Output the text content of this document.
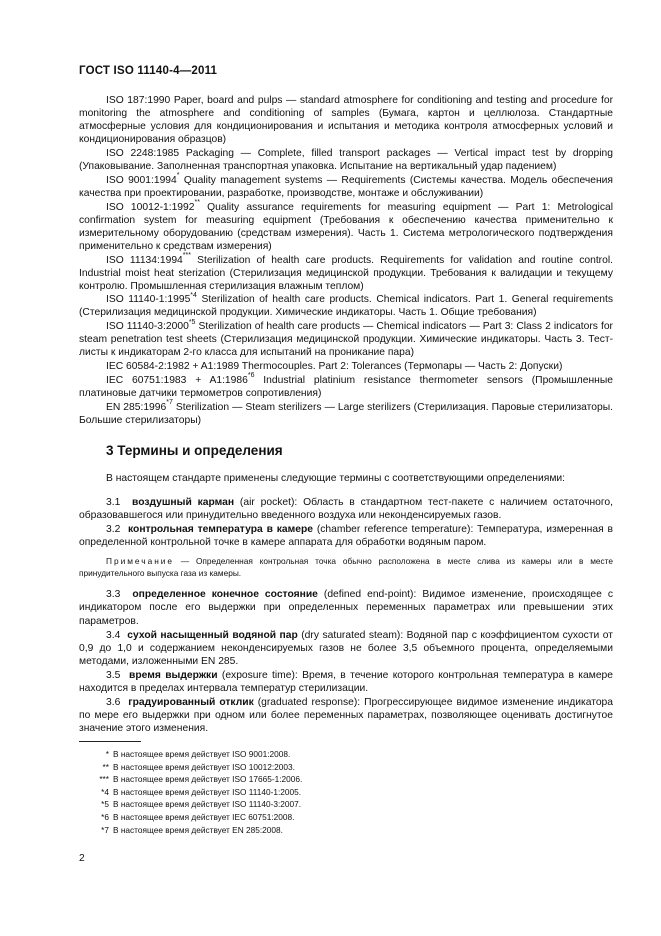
ГОСТ ISO 11140-4—2011

ISO 187:1990 Paper, board and pulps — standard atmosphere for conditioning and testing and procedure for monitoring the atmosphere and conditioning of samples (Бумага, картон и целлюлоза. Стандартные атмосферные условия для кондиционирования и испытания и методика контроля атмосферных условий и кондиционирования образцов)

ISO 2248:1985 Packaging — Complete, filled transport packages — Vertical impact test by dropping (Упаковывание. Заполненная транспортная упаковка. Испытание на вертикальный удар падением)

ISO 9001:1994* Quality management systems — Requirements (Системы качества. Модель обеспечения качества при проектировании, разработке, производстве, монтаже и обслуживании)

ISO 10012-1:1992** Quality assurance requirements for measuring equipment — Part 1: Metrological confirmation system for measuring equipment (Требования к обеспечению качества применительно к измерительному оборудованию (средствам измерения). Часть 1. Система метрологического подтверждения применительно к средствам измерения)

ISO 11134:1994*** Sterilization of health care products. Requirements for validation and routine control. Industrial moist heat sterization (Стерилизация медицинской продукции. Требования к валидации и текущему контролю. Промышленная стерилизация влажным теплом)

ISO 11140-1:1995$^{*4}$ Sterilization of health care products. Chemical indicators. Part 1. General requirements (Стерилизация медицинской продукции. Химические индикаторы. Часть 1. Общие требования)

ISO 11140-3:2000$^{*5}$ Sterilization of health care products — Chemical indicators — Part 3: Class 2 indicators for steam penetration test sheets (Стерилизация медицинской продукции. Химические индикаторы. Часть 3. Тест-листы к индикаторам 2-го класса для испытаний на проникание пара)

IEC 60584-2:1982 + A1:1989 Thermocouples. Part 2: Tolerances (Термопары — Часть 2: Допуски)

IEC 60751:1983 + $A1:1986^{*6}$ Industrial platinium resistance thermometer sensors (Промышленные платиновые датчики термометров сопротивления)

EN 285:1996$^{*7}$ Sterilization — Steam sterilizers — Large sterilizers (Стерилизация. Паровые стерилизаторы. Большие стерилизаторы)

3 Термины и определения
В настоящем стандарте применены следующие термины с соответствующими определениями:

3.1 воздушный карман (air pocket): Область в стандартном тест-пакете с наличием остаточного, образовавшегося или принудительно введенного воздуха или неконденсируемых газов.

3.2 контрольная температура в камере (chamber reference temperature): Температура, измеренная в определенной контрольной точке в камере аппарата для обработки водяным паром.

Примечание — Определенная контрольная точка обычно расположена в месте слива из камеры или в месте принудительного выпуска газа из камеры.

3.3 определенное конечное состояние (defined end-point): Видимое изменение, происходящее с индикатором после его выдержки при определенных переменных параметрах или превышении этих параметров.

3.4 сухой насыщенный водяной пар (dry saturated steam): Водяной пар с коэффициентом сухости от 0,9 до 1,0 и содержанием неконденсируемых газов не более 3,5 объемного процента, определяемыми методами, изложенными EN 285.

3.5 время выдержки (exposure time): Время, в течение которого контрольная температура в камере находится в пределах интервала температур стерилизации.

3.6 градуированный отклик (graduated response): Прогрессирующее видимое изменение индикатора по мере его выдержки при одном или более переменных параметрах, позволяющее оценивать достигнутое значение этого изменения.

* В настоящее время действует ISO 9001:2008.
** В настоящее время действует ISO 10012:2003.
*** В настоящее время действует ISO 17665-1:2006.
*4 В настоящее время действует ISO 11140-1:2005.
*5 В настоящее время действует ISO 11140-3:2007.
*6 В настоящее время действует IEC 60751:2008.
*7 В настоящее время действует EN 285:2008.
2
